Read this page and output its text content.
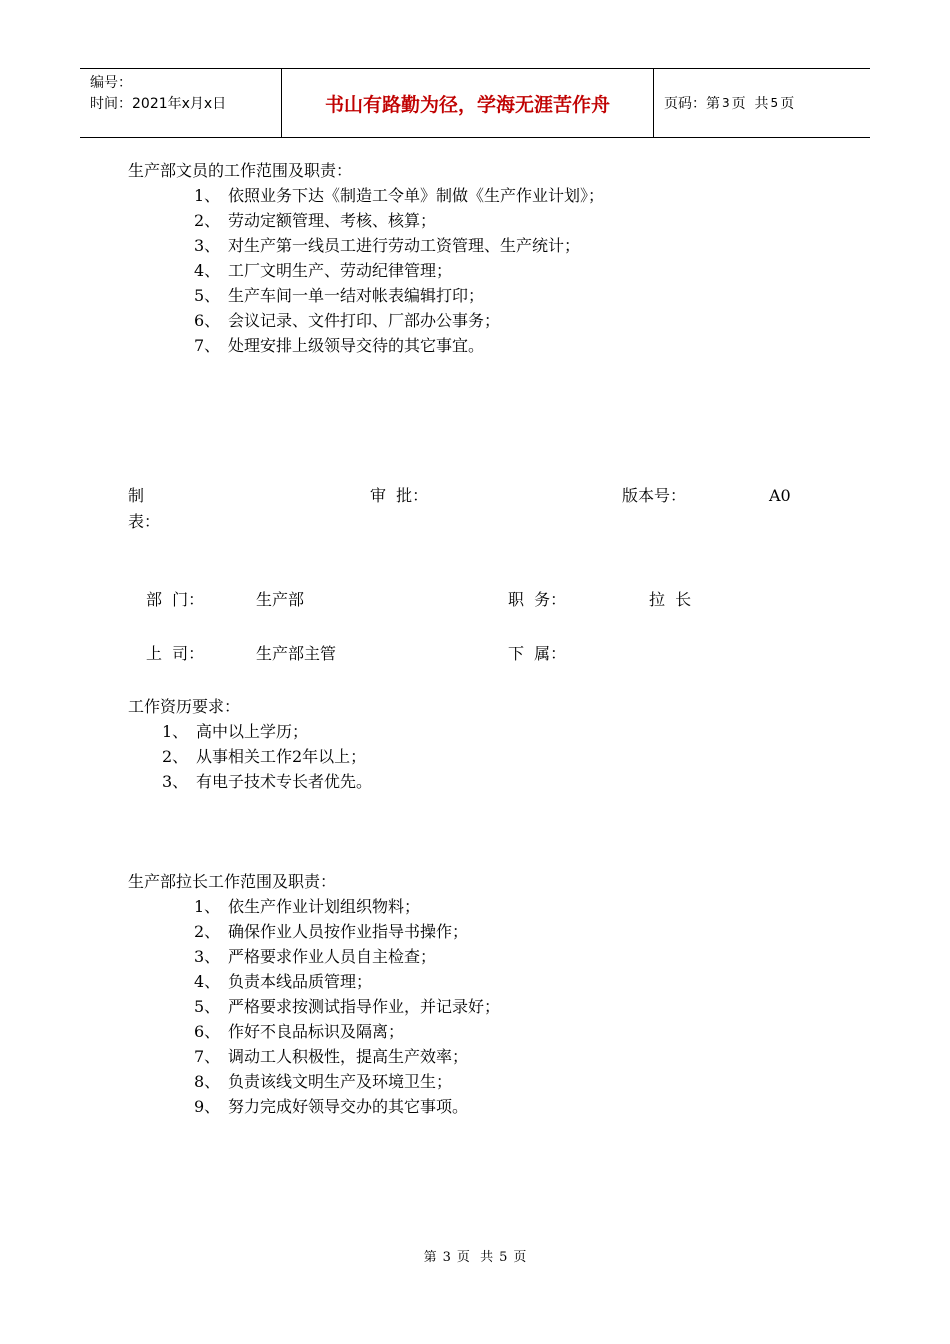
编号：
时间：2021年x月x日	书山有路勤为径，学海无涯苦作舟	页码：第 3 页  共 5 页
生产部文员的工作范围及职责：
1、 依照业务下达《制造工令单》制做《生产作业计划》；
2、 劳动定额管理、考核、核算；
3、 对生产第一线员工进行劳动工资管理、生产统计；
4、 工厂文明生产、劳动纪律管理；
5、 生产车间一单一结对帐表编辑打印；
6、 会议记录、文件打印、厂部办公事务；
7、 处理安排上级领导交待的其它事宜。
制
表：
审  批：	版本号：	A0
部  门：	生产部	职  务：	拉  长
上  司：	生产部主管	下  属：
工作资历要求：
1、 高中以上学历；
2、 从事相关工作2年以上；
3、 有电子技术专长者优先。
生产部拉长工作范围及职责：
1、 依生产作业计划组织物料；
2、 确保作业人员按作业指导书操作；
3、 严格要求作业人员自主检查；
4、 负责本线品质管理；
5、 严格要求按测试指导作业，并记录好；
6、 作好不良品标识及隔离；
7、 调动工人积极性，提高生产效率；
8、 负责该线文明生产及环境卫生；
9、 努力完成好领导交办的其它事项。
第 3 页 共 5 页
